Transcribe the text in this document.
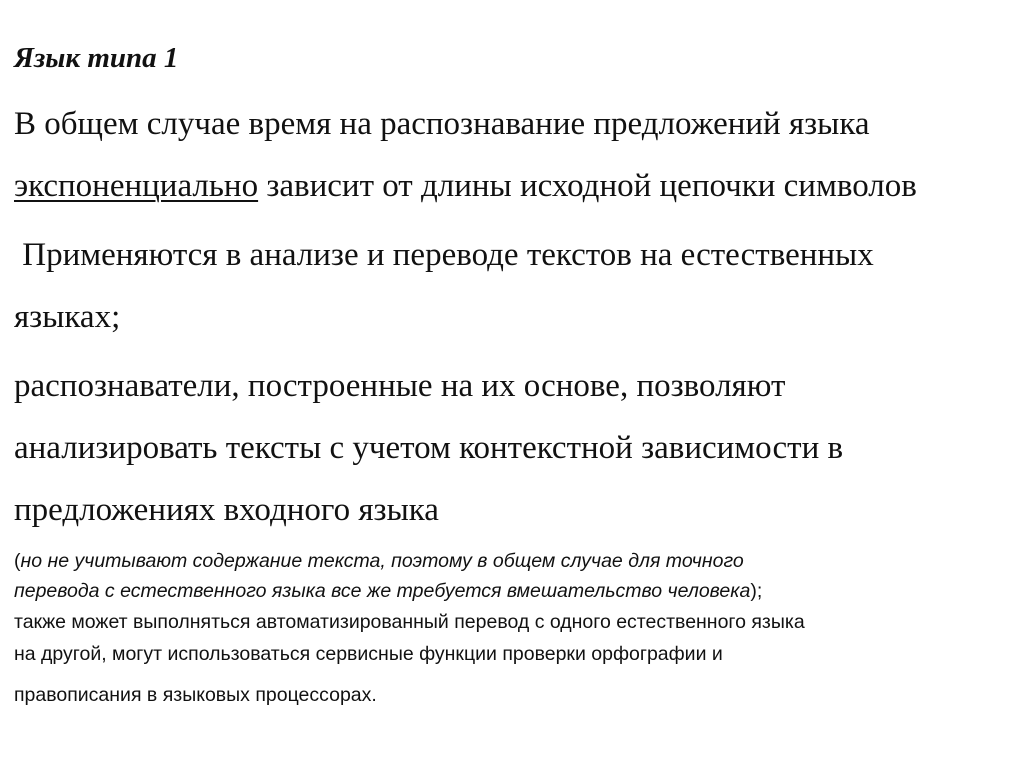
Язык типа 1
В общем случае время на распознавание предложений языка
экспоненциально зависит от длины исходной цепочки символов
Применяются в анализе и переводе текстов на естественных
языках;
распознаватели, построенные на их основе, позволяют
анализировать тексты с учетом контекстной зависимости в
предложениях входного языка
(но не учитывают содержание текста, поэтому в общем случае для точного
перевода с естественного языка все же требуется вмешательство человека);
также может выполняться автоматизированный перевод с одного естественного языка
на другой, могут использоваться сервисные функции проверки орфографии и
правописания в языковых процессорах.
